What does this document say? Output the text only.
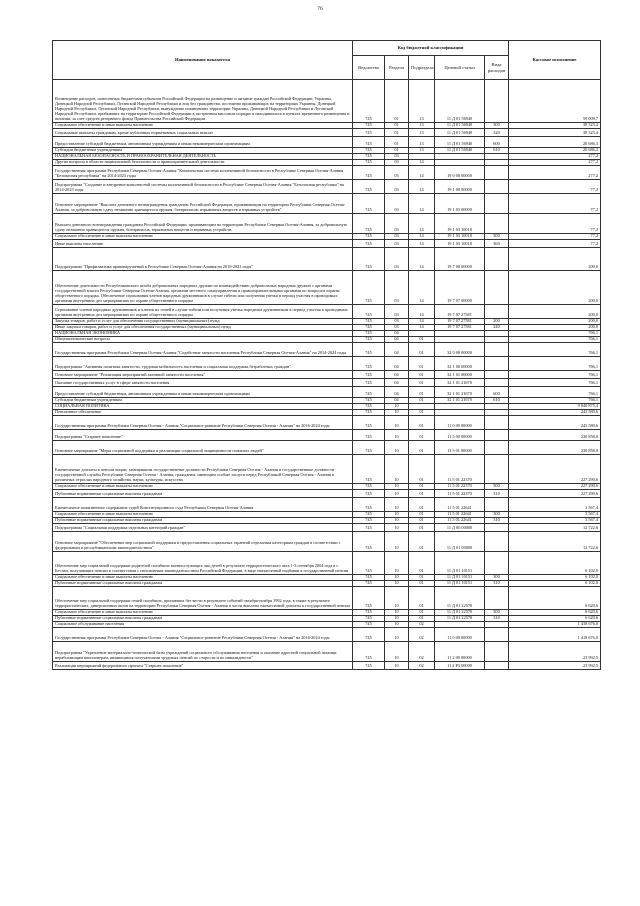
76
Наименование показателя	Код бюджетной классификации					Кассовое исполнение
	Ведомства	Раздела	Подраздела	Целевой статьи	Вида расходов	
Возмещение расходов, понесенных бюджетами субъектов Российской Федерации на размещение и питание граждан Российской Федерации, Украины, Донецкой Народной Республики, Луганской Народной Республики и лиц без гражданства, постоянно проживающих на территориях Украины, Донецкой Народной Республики, Луганской Народной Республики, вынужденно покинувших территории Украины, Донецкой Народной Республики и Луганской Народной Республики, прибывших на территорию Российской Федерации в экстренном массовом порядке и находившихся в пунктах временного размещения и питания, за счет средств резервного фонда Правительства Российской Федерации	745	01	13	11 Д 01 56940		59 009,7
Социальное обеспечение и иные выплаты населению	745	01	13	11 Д 01 56940	300	38 323,4
Социальные выплаты гражданам, кроме публичных нормативных социальных выплат	745	01	13	11 Д 01 56940	320	38 323,4
Предоставление субсидий бюджетным, автономным учреждениям и иным некоммерческим организациям	745	01	13	11 Д 01 56940	600	20 686,3
Субсидии бюджетным учреждениям	745	01	13	11 Д 01 56940	610	20 686,3
НАЦИОНАЛЬНАЯ БЕЗОПАСНОСТЬ И ПРАВООХРАНИТЕЛЬНАЯ ДЕЯТЕЛЬНОСТЬ	745	03				277,2
Другие вопросы в области национальной безопасности и правоохранительной деятельности	745	03	14			277,2
Государственная программа Республики Северная Осетия-Алания "Комплексная система коллективной безопасности в Республике Северная Осетия-Алания "Безопасная республика" на 2014-2023 годы	745	03	14	19 0 00 00000		277,2
Подпрограмма "Создание и внедрение комплексной системы коллективной безопасности в Республике Северная Осетия-Алания "Безопасная республика" на 2014-2023 годы	745	03	14	19 1 00 00000		77,2
Основное мероприятие "Выплата денежного вознаграждения гражданам Российской Федерации, проживающим на территории Республики Северная Осетия-Алания, за добровольную сдачу незаконно хранящегося оружия, боеприпасов, взрывчатых веществ и взрывных устройств"	745	03	14	19 1 03 00000		77,2
Выплата денежного вознаграждения гражданам Российской Федерации, проживающим на территории Республики Северная Осетия-Алания, за добровольную сдачу незаконно хранящегося оружия, боеприпасов, взрывчатых веществ и взрывных устройств	745	03	14	19 1 03 10018		77,2
Социальное обеспечение и иные выплаты населению	745	03	14	19 1 03 10018	300	77,2
Иные выплаты населению	745	03	14	19 1 03 10018	360	77,2
Подпрограмма "Профилактика правонарушений в Республике Северная Осетия-Алания на 2019-2023 годы"	745	03	14	19 7 00 00000		200,0
Обеспечение деятельности Республиканского штаба добровольных народных дружин по взаимодействию добровольных народных дружин с органами государственной власти Республики Северная Осетия-Алания, органами местного самоуправления и правоохранительными органами по вопросам охраны общественного порядка. Обеспечение страхования членов народных дружинников в случае гибели или получения увечья в период участия в проводимых органами внутренних дел мероприятиях по охране общественного порядка	745	03	14	19 7 07 00000		200,0
Страхование членов народных дружинников и членов их семей в случае гибели или получения увечья народным дружинником в период участия в проводимых органами внутренних дел мероприятиях по охране общественного порядка	745	03	14	19 7 07 27581		200,0
Закупка товаров, работ и услуг для обеспечения государственных (муниципальных) нужд	745	03	14	19 7 07 27581	200	200,0
Иные закупки товаров, работ и услуг для обеспечения государственных (муниципальных) нужд	745	03	14	19 7 07 27581	240	200,0
НАЦИОНАЛЬНАЯ ЭКОНОМИКА	745	04				766,1
Общеэкономические вопросы	745	04	01			766,1
Государственная программа Республики Северная Осетия-Алания "Содействие занятости населения Республики Северная Осетия-Алания" на 2014-2024 годы	745	04	01	32 0 00 00000		766,1
Подпрограмма "Активная политика занятости, трудовая мобильность населения и социальная поддержка безработных граждан"	745	04	01	32 1 00 00000		766,1
Основное мероприятие "Реализация мероприятий активной занятости населения"	745	04	01	32 1 01 00000		766,1
Оказание государственных услуг в сфере занятости населения	745	04	01	32 1 01 21670		766,1
Предоставление субсидий бюджетным, автономным учреждениям и иным некоммерческим организациям	745	04	01	32 1 01 21670	600	766,1
Субсидии бюджетным учреждениям	745	04	01	32 1 01 21670	610	766,1
СОЦИАЛЬНАЯ ПОЛИТИКА	745	10				9 840 875,4
Пенсионное обеспечение	745	10	01			243 580,6
Государственная программа Республики Северная Осетия - Алания "Социальное развитие Республики Северная Осетия - Алания" на 2016-2024 годы	745	10	01	11 0 00 00000		243 580,6
Подпрограмма "Старшее поколение"	745	10	01	11 5 00 00000		230 858,0
Основное мероприятие "Меры социальной поддержки и реализации социальной защищенности пожилых людей"	745	10	01	11 5 01 00000		230 858,0
Ежемесячные доплаты к пенсии лицам, замещавшим государственные должности Республики Северная Осетия - Алания и государственные должности государственной службы Республики Северная Осетия - Алания; гражданам, имеющим особые заслуги перед Республикой Северная Осетия - Алания в различных отраслях народного хозяйства, науки, культуры, искусства	745	10	01	11 5 01 22370		227 290,6
Социальное обеспечение и иные выплаты населению	745	10	01	11 5 01 22370	300	227 290,6
Публичные нормативные социальные выплаты гражданам	745	10	01	11 5 01 22370	310	227 290,6
Ежемесячное пожизненное содержание судей Конституционного суда Республики Северная Осетия-Алания	745	10	01	11 5 01 22641		3 567,4
Социальное обеспечение и иные выплаты населению	745	10	01	11 5 01 22641	300	3 567,4
Публичные нормативные социальные выплаты гражданам	745	10	01	11 5 01 22641	310	3 567,4
Подпрограмма "Социальная поддержка отдельных категорий граждан"	745	10	01	11 Д 00 00000		12 722,6
Основное мероприятие "Обеспечение мер социальной поддержки и предоставления социальных гарантий отдельным категориям граждан в соответствии с федеральным и республиканским законодательством"	745	10	01	11 Д 01 00000		12 722,6
Обеспечение мер социальной поддержки родителей погибших военнослужащих лиц детей в результате террористического акта 1-3 сентября 2004 года в г. Беслан, получающих пенсии в соответствии с пенсионным законодательством Российской Федерации, в виде ежемесячной надбавки к государственной пенсии	745	10	01	11 Д 01 10151		6 102,0
Социальное обеспечение и иные выплаты населению	745	10	01	11 Д 01 10151	300	6 102,0
Публичные нормативные социальные выплаты гражданам	745	10	01	11 Д 01 10151	310	6 102,0
Обеспечение мер социальной поддержки семей погибших, пропавших без вести в результате событий октября-ноября 1992 года, в также в результате террористических, диверсионных актов на территории Республики Северная Осетия - Алания в части выплаты ежемесячной доплаты к государственной пенсии	745	10	01	11 Д 01 22570		6 620,6
Социальное обеспечение и иные выплаты населению	745	10	01	11 Д 01 22570	300	6 620,6
Публичные нормативные социальные выплаты гражданам	745	10	01	11 Д 01 22570	310	6 620,6
Социальное обслуживание населения	745	10	02			1 418 676,0
Государственная программа Республики Северная Осетия - Алания "Социальное развитие Республики Северная Осетия - Алания" на 2016-2024 годы	745	10	02	11 0 00 00000		1 418 676,0
Подпрограмма "Укрепление материально-технической базы учреждений социального обслуживания населения и оказание адресной социальной помощи неработающим пенсионерам, являющимся получателями трудовых пенсий по старости и по инвалидности"	745	10	02	11 2 00 00000		23 992,5
Реализация мероприятий федерального проекта "Старшее поколение"	745	10	02	11 2 P3 00000		23 992,5
